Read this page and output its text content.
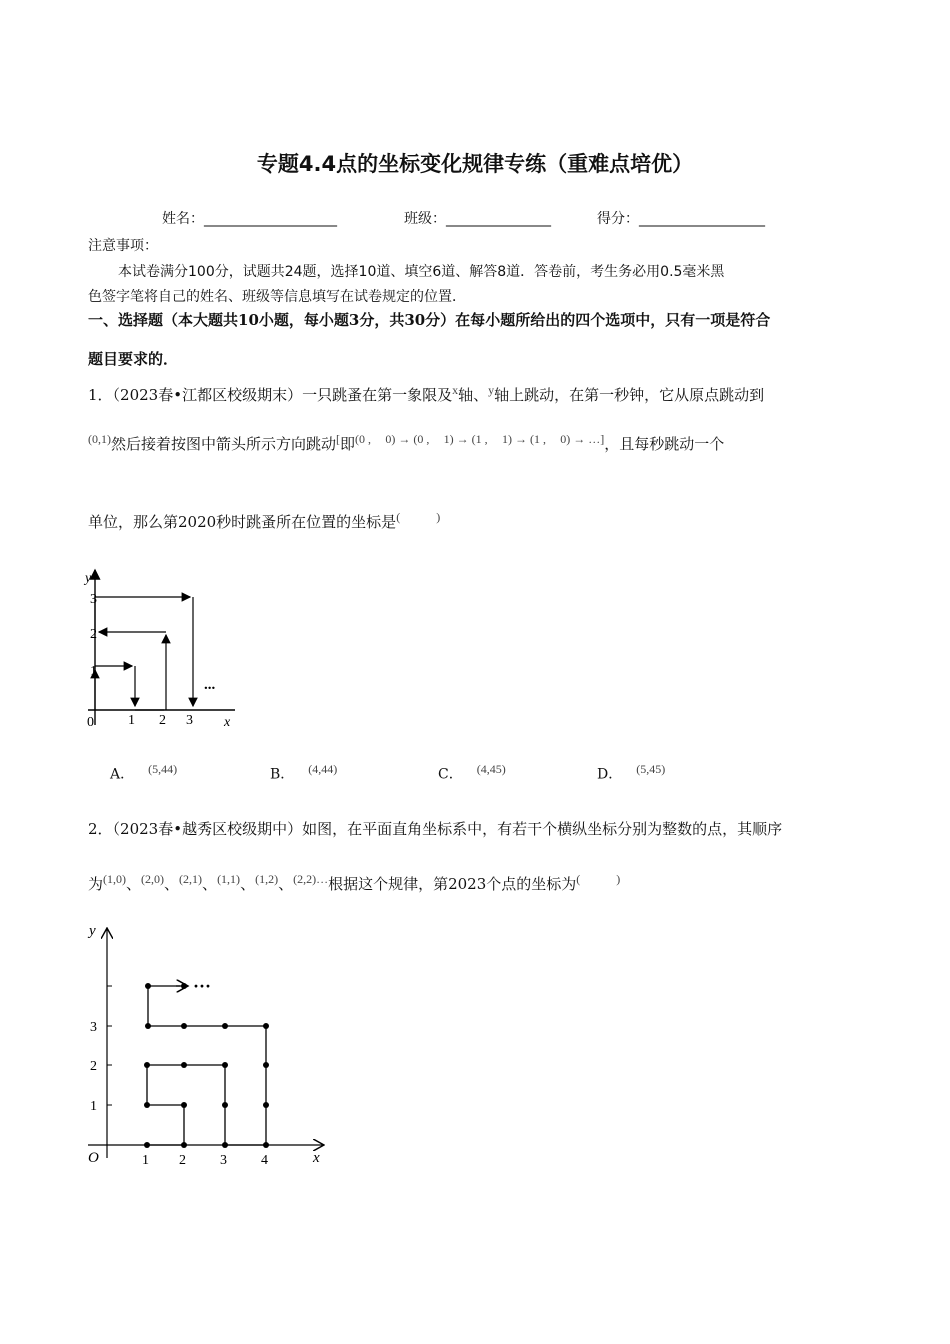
专题4.4点的坐标变化规律专练（重难点培优）
姓名：___________________	班级：_______________	得分：__________________
注意事项：
本试卷满分100分，试题共24题，选择10道、填空6道、解答8道．答卷前，考生务必用0.5毫米黑
色签字笔将自己的姓名、班级等信息填写在试卷规定的位置．
一、选择题（本大题共10小题，每小题3分，共30分）在每小题所给出的四个选项中，只有一项是符合
题目要求的．
1．（2023春•江都区校级期末）一只跳蚤在第一象限及$^x$轴、$^y$轴上跳动，在第一秒钟，它从原点跳动到
$^{(0,1)}$然后接着按图中箭头所示方向跳动[即$^{(0 ,}$ $^{0) \to (0 ,}$ $^{1) \to (1 ,}$ $^{1) \to (1 ,}$ $^{0) \to \dots]}$，且每秒跳动一个
单位，那么第2020秒时跳蚤所在位置的坐标是(	)
y
x
0 1 2 3
1
2
3
...
A． $^{(5,44)}$	B． $^{(4,44)}$	C． $^{(4,45)}$	D． $^{(5,45)}$
2．（2023春•越秀区校级期中）如图，在平面直角坐标系中，有若干个横纵坐标分别为整数的点，其顺序
为$^{(1,0)}$、$^{(2,0)}$、$^{(2,1)}$、$^{(1,1)}$、$^{(1,2)}$、$^{(2,2)\dots}$根据这个规律，第2023个点的坐标为(	)
y
x
O	1 2 3 4
1
2
3
···
